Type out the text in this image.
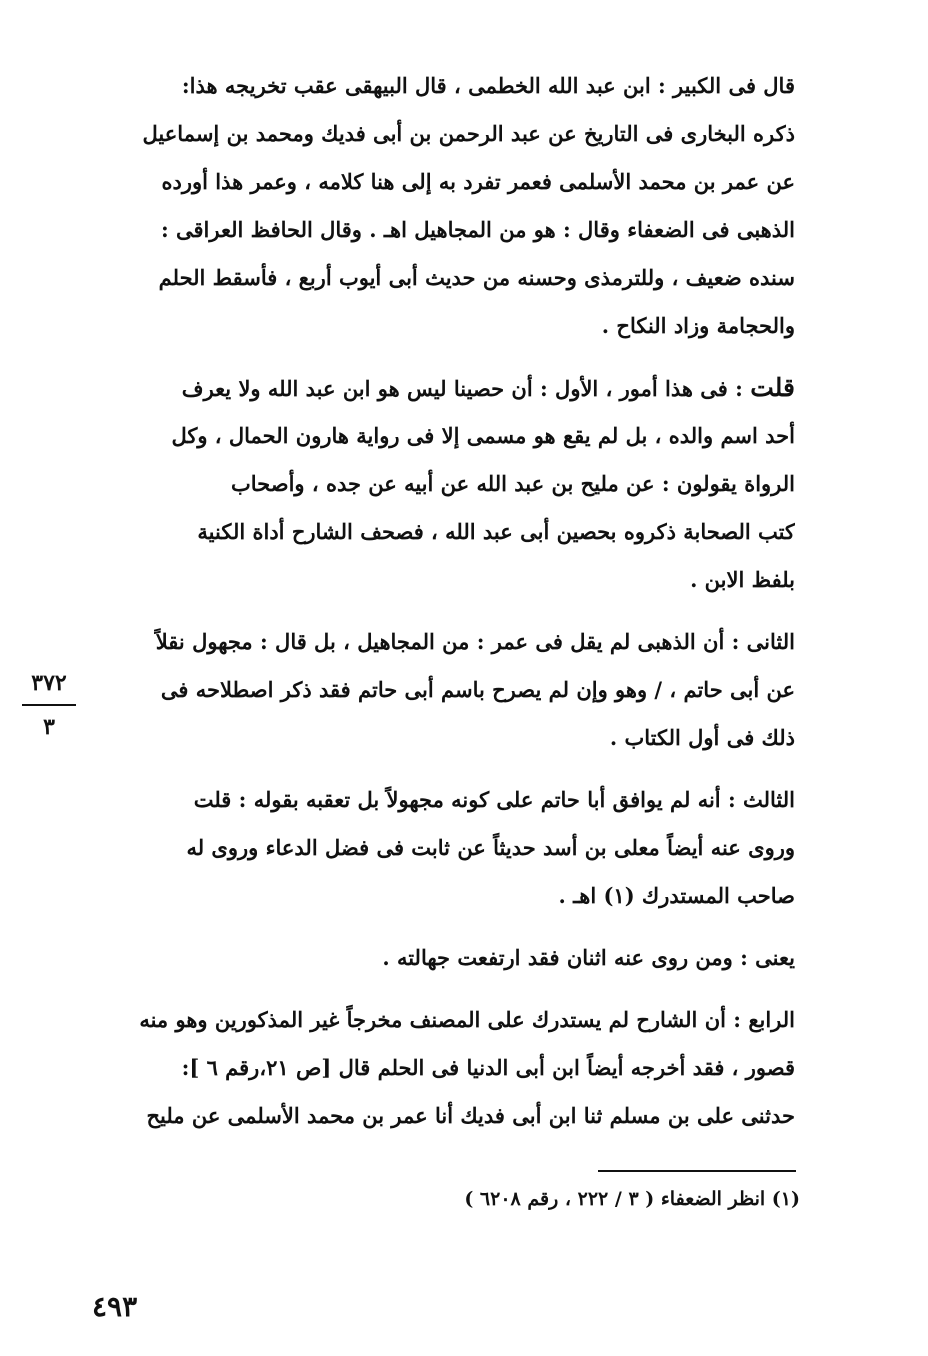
قال فى الكبير : ابن عبد الله الخطمى ، قال البيهقى عقب تخريجه هذا:
ذكره البخارى فى التاريخ عن عبد الرحمن بن أبى فديك ومحمد بن إسماعيل
عن عمر بن محمد الأسلمى فعمر تفرد به إلى هنا كلامه ، وعمر هذا أورده
الذهبى فى الضعفاء وقال : هو من المجاهيل اهـ . وقال الحافظ العراقى :
سنده ضعيف ، وللترمذى وحسنه من حديث أبى أيوب أربع ، فأسقط الحلم
والحجامة وزاد النكاح .
قلت : فى هذا أمور ، الأول : أن حصينا ليس هو ابن عبد الله ولا يعرف
أحد اسم والده ، بل لم يقع هو مسمى إلا فى رواية هارون الحمال ، وكل
الرواة يقولون : عن مليح بن عبد الله عن أبيه عن جده ، وأصحاب
كتب الصحابة ذكروه بحصين أبى عبد الله ، فصحف الشارح أداة الكنية
بلفظ الابن .
الثانى : أن الذهبى لم يقل فى عمر : من المجاهيل ، بل قال : مجهول نقلاً
عن أبى حاتم ، / وهو وإن لم يصرح باسم أبى حاتم فقد ذكر اصطلاحه فى
ذلك فى أول الكتاب .
الثالث : أنه لم يوافق أبا حاتم على كونه مجهولاً بل تعقبه بقوله : قلت
وروى عنه أيضاً معلى بن أسد حديثاً عن ثابت فى فضل الدعاء وروى له
صاحب المستدرك (١) اهـ .
يعنى : ومن روى عنه اثنان فقد ارتفعت جهالته .
الرابع : أن الشارح لم يستدرك على المصنف مخرجاً غير المذكورين وهو منه
قصور ، فقد أخرجه أيضاً ابن أبى الدنيا فى الحلم قال [ص ٢١،رقم ٦ ]:
حدثنى على بن مسلم ثنا ابن أبى فديك أنا عمر بن محمد الأسلمى عن مليح
٣٧٢
٣
(١) انظر الضعفاء ( ٣ / ٢٢٢ ، رقم ٦٢٠٨ )
٤٩٣
